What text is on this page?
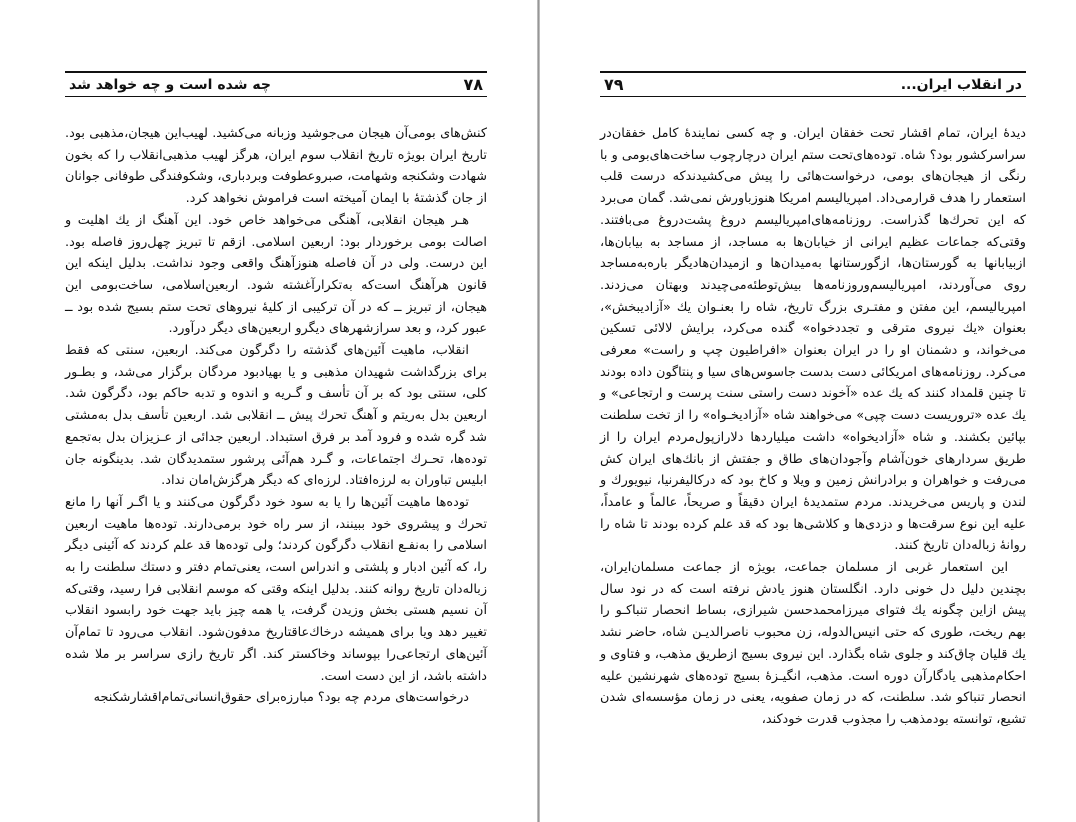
۷۸
چه شده است و چه خواهد شد

کنش‌های بومی‌آن هیجان می‌جوشید وزبانه می‌کشید. لهیب‌این هیجان،مذهبی بود. تاریخ ایران بویژه تاریخ انقلاب سوم ایران، هرگز لهیب مذهبی‌انقلاب را که بخون شهادت وشکنجه وشهامت، صبروعطوفت وبردباری، وشکوفندگی طوفانی جوانان از جان گذشتهٔ با ایمان آمیخته است فراموش نخواهد کرد.

هـر هیجان انقلابی، آهنگی می‌خواهد خاص خود. این آهنگ از یك اهلیت و اصالت بومی برخوردار بود: اربعین اسلامی. ازقم تا تبریز چهل‌روز فاصله بود. این درست. ولی در آن فاصله هنوزآهنگ واقعی وجود نداشت. بدلیل اینکه این قانون هرآهنگ است‌که به‌تکرارآغشته شود. اربعین‌اسلامی، ساخت‌بومی این هیجان، از تبریز ــ که در آن ترکیبی از کلیهٔ نیروهای تحت ستم بسیج شده بود ــ عبور کرد، و بعد سرازشهرهای دیگرو اربعین‌های دیگر درآورد.

انقلاب، ماهیت آئین‌های گذشته را دگرگون می‌کند. اربعین، سنتی که فقط برای بزرگداشت شهیدان مذهبی و یا بهیادبود مردگان برگزار می‌شد، و بطـور کلی، سنتی بود که بر آن تأسف و گـریه و اندوه و تدبه حاکم بود، دگرگون شد. اربعین بدل به‌ریتم و آهنگ تحرك پیش ــ انقلابی شد. اربعین تأسف بدل به‌مشتی شد گره شده و فرود آمد بر فرق استبداد. اربعین جدائی از عـزیزان بدل به‌تجمع توده‌ها، تحـرك اجتماعات، و گـرد هم‌آئی پرشور ستمدیدگان شد. بدینگونه جان ابلیس تباوران به لرزه‌افتاد. لرزه‌ای که دیگر هرگزش‌امان نداد.

توده‌ها ماهیت آئین‌ها را یا به سود خود دگرگون می‌کنند و یا اگـر آنها را مانع تحرك و پیشروی خود ببینند، از سر راه خود برمی‌دارند. توده‌ها ماهیت اربعین اسلامی را به‌نفـع انقلاب دگرگون کردند؛ ولی توده‌ها قد علم کردند که آئینی دیگر را، که آئین ادبار و پلشتی و اندراس است، یعنی‌تمام دفتر و دستك سلطنت را به زباله‌دان تاریخ روانه کنند. بدلیل اینکه وقتی که موسم انقلابی فرا رسید، وقتی‌که آن نسیم هستی بخش وزیدن گرفت، یا همه چیز باید جهت خود رابسود انقلاب تغییر دهد ویا برای همیشه درخاك‌عاقتاریخ مدفون‌شود. انقلاب می‌رود تا تمام‌آن آئین‌های ارتجاعی‌را بپوساند وخاکستر کند. اگر تاریخ رازی سراسر بر ملا شده داشته باشد، از این دست است.

درخواست‌های مردم چه بود؟ مبارزه‌برای حقوق‌انسانی‌تمام‌اقشارشکنجه

در انقلاب ایران...
۷۹

دیدهٔ ایران، تمام اقشار تحت خفقان ایران. و چه کسی نمایندهٔ کامل خفقان‌در سراسرکشور بود؟ شاه. توده‌های‌تحت ستم ایران درچارچوب ساخت‌های‌بومی و با رنگی از هیجان‌های بومی، درخواست‌هائی را پیش می‌کشیدند‌که درست قلب استعمار را هدف قرارمی‌داد. امپریالیسم امریکا هنوزباورش نمی‌شد. گمان می‌برد که این تحرك‌ها گذراست. روزنامه‌های‌امپریالیسم دروغ پشت‌دروغ می‌بافتند. وقتی‌که جماعات عظیم ایرانی از خیابان‌ها به مساجد، از مساجد به بیابان‌ها، ازبیابانها به گورستان‌ها، ازگورستانها به‌میدان‌ها و ازمیدان‌هادیگر باره‌به‌مساجد روی می‌آوردند، امپریالیسم‌وروزنامه‌ها بیش‌توطئه‌می‌چیدند وبهتان می‌زدند. امپریالیسم، این مفتن و مفتـری بزرگ تاریخ، شاه را بعنـوان یك «آزادیبخش»، بعنوان «یك نیروی مترقی و تجددخواه» گنده می‌کرد، برایش لالائی تسکین می‌خواند، و دشمنان او را در ایران بعنوان «افراطیون چپ و راست» معرفی می‌کرد. روزنامه‌های امریکائی دست بدست جاسوس‌های سیا و پنتاگون داده بودند تا چنین قلمداد کنند که یك عده «آخوند دست راستی سنت پرست و ارتجاعی» و یك عده «تروریست دست چپی» می‌خواهند شاه «آزادیخـواه» را از تخت سلطنت بپائین بکشند. و شاه «آزادیخواه» داشت میلیاردها دلارازپول‌مردم ایران را از طریق سردارهای خون‌آشام وآجودان‌های طاق و جفتش از بانك‌های ایران کش می‌رفت و خواهران و برادرانش زمین و ویلا و کاخ بود که درکالیفرنیا، نیویورك و لندن و پاریس می‌خریدند. مردم ستمدیدهٔ ایران دقیقاً و صریحاً، عالماً و عامداً، علیه این نوع سرقت‌ها و دزدی‌ها و کلاشی‌ها بود که قد علم کرده بودند تا شاه را روانهٔ زباله‌دان تاریخ کنند.

این استعمار غربی از مسلمان جماعت، بویژه از جماعت مسلمان‌ایران، بچندین دلیل دل خونی دارد. انگلستان هنوز یادش نرفته است که در نود سال پیش ازاین چگونه یك فتوای میرزامحمدحسن شیرازی، بساط انحصار تنباکـو را بهم ریخت، طوری که حتی انیس‌الدوله، زن محبوب ناصرالدیـن شاه، حاضر نشد یك قلیان چاق‌کند و جلوی شاه بگذارد. این نیروی بسیج ازطریق مذهب، و فتاوی و احکام‌مذهبی یادگارآن دوره است. مذهب، انگیـزهٔ بسیج توده‌های شهرنشین علیه انحصار تنباکو شد. سلطنت، که در زمان صفویه، یعنی در زمان مؤسسه‌ای شدن تشیع، توانسته بودمذهب را مجذوب قدرت خودکند،
